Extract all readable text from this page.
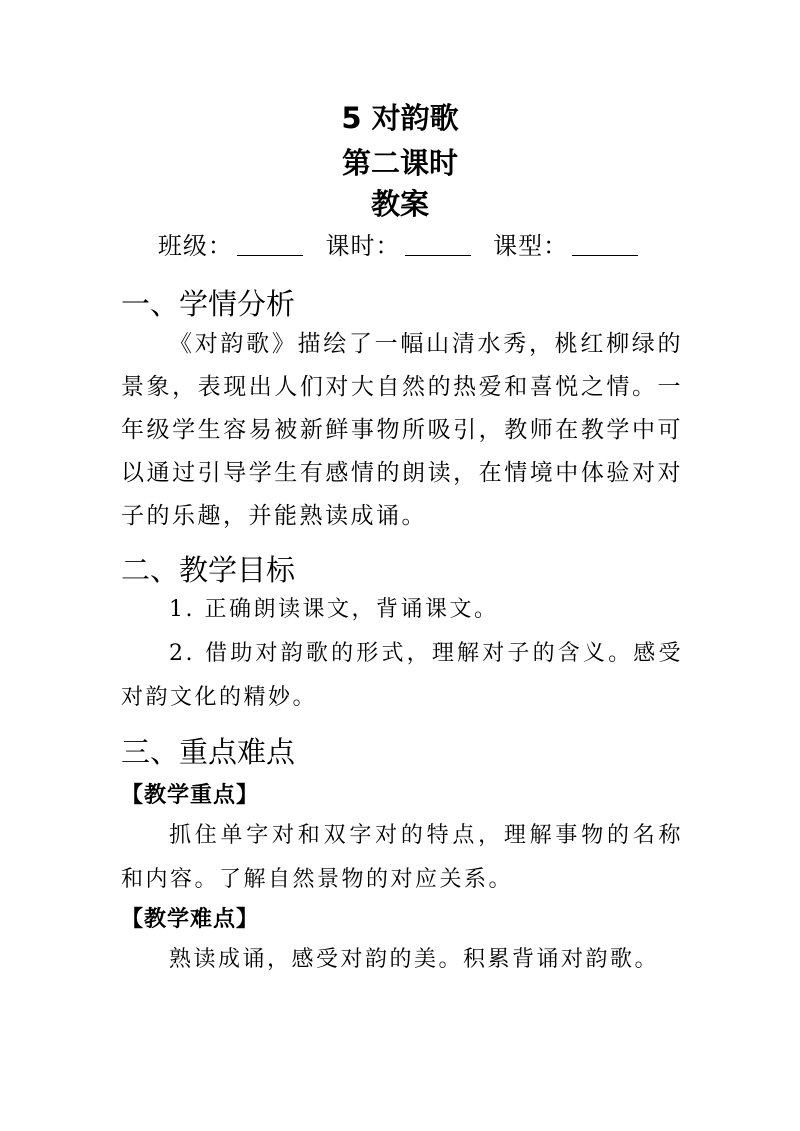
5 对韵歌
第二课时
教案
班级：	课时：	课型：
一、学情分析

《对韵歌》描绘了一幅山清水秀，桃红柳绿的景象，表现出人们对大自然的热爱和喜悦之情。一年级学生容易被新鲜事物所吸引，教师在教学中可以通过引导学生有感情的朗读，在情境中体验对对子的乐趣，并能熟读成诵。

二、教学目标

1. 正确朗读课文，背诵课文。

2. 借助对韵歌的形式，理解对子的含义。感受对韵文化的精妙。

三、重点难点
【教学重点】

抓住单字对和双字对的特点，理解事物的名称和内容。了解自然景物的对应关系。

【教学难点】

熟读成诵，感受对韵的美。积累背诵对韵歌。
